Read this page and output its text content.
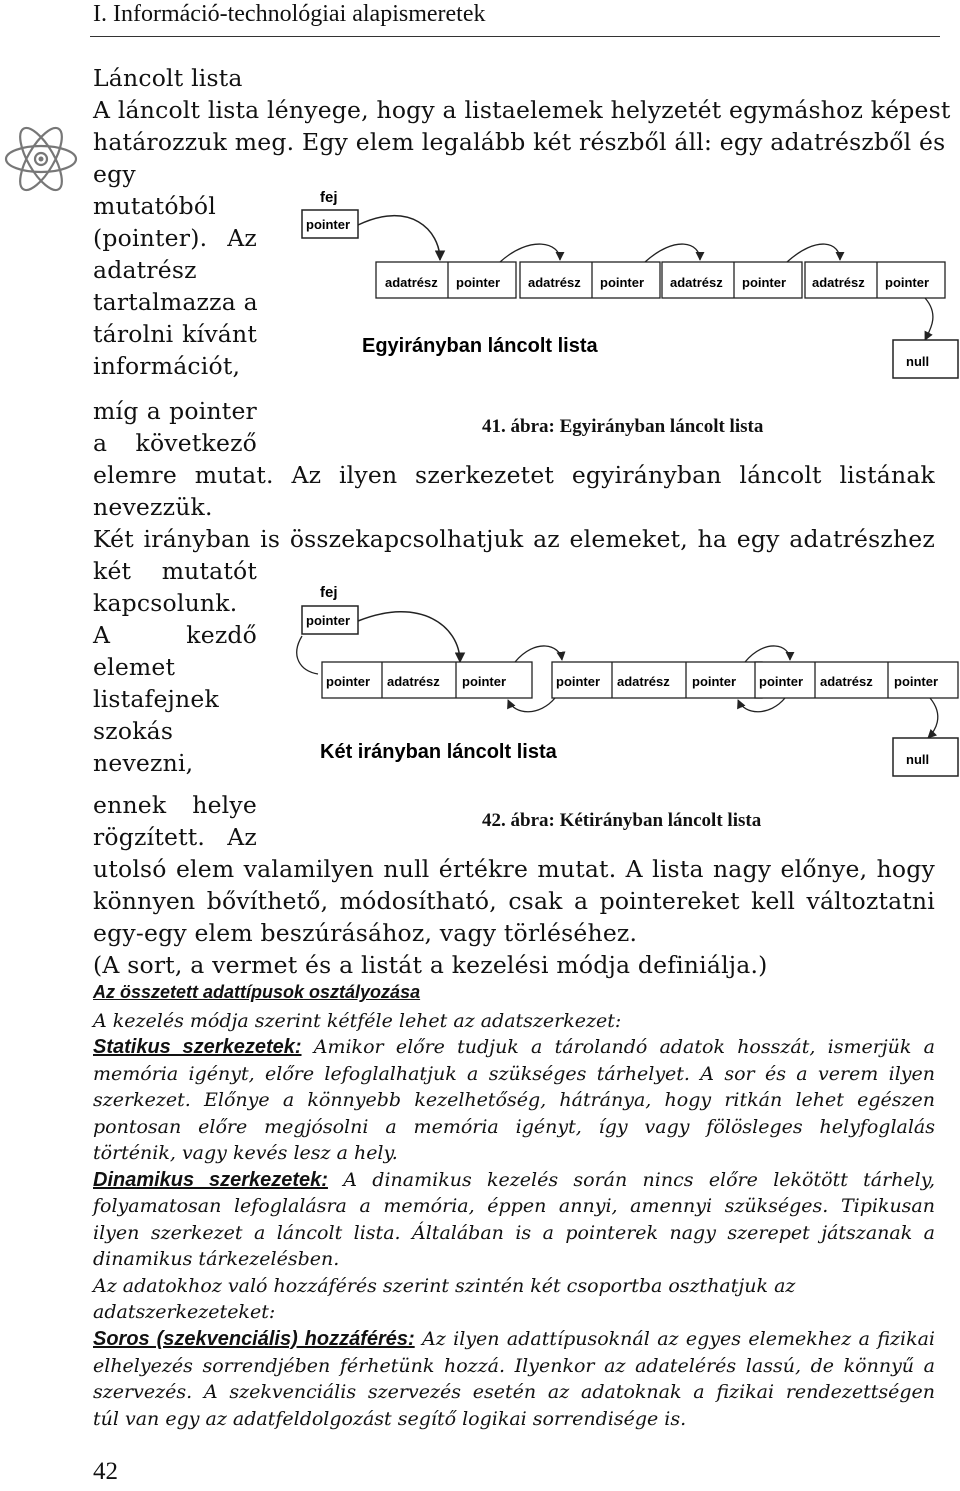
I. Információ-technológiai alapismeretek
Láncolt lista
A láncolt lista lényege, hogy a listaelemek helyzetét egymáshoz képest
határozzuk meg. Egy elem legalább két részből áll: egy adatrészből és
egy
mutatóból
(pointer). Az
adatrész
tartalmazza a
tárolni kívánt
információt,
míg a pointer
a következő
elemre mutat. Az ilyen szerkezetet egyirányban láncolt listának
nevezzük.
fej
pointer
adatrész pointer adatrész pointer adatrész pointer adatrész pointer
null
Egyirányban láncolt lista
41. ábra: Egyirányban láncolt lista
Két irányban is összekapcsolhatjuk az elemeket, ha egy adatrészhez
két mutatót
kapcsolunk.
A kezdő
elemet
listafejnek
szokás
nevezni,
ennek helye
rögzített. Az
utolsó elem valamilyen null értékre mutat. A lista nagy előnye, hogy
könnyen bővíthető, módosítható, csak a pointereket kell változtatni
egy-egy elem beszúrásához, vagy törléséhez.
(A sort, a vermet és a listát a kezelési módja definiálja.)
fej
pointer
pointer adatrész pointer	pointer adatrész pointer pointer adatrész pointer
null
Két irányban láncolt lista
42. ábra: Kétirányban láncolt lista
Az összetett adattípusok osztályozása
A kezelés módja szerint kétféle lehet az adatszerkezet:
Statikus szerkezetek: Amikor előre tudjuk a tárolandó adatok hosszát, ismerjük a
memória igényt, előre lefoglalhatjuk a szükséges tárhelyet. A sor és a verem ilyen
szerkezet. Előnye a könnyebb kezelhetőség, hátránya, hogy ritkán lehet egészen
pontosan előre megjósolni a memória igényt, így vagy fölösleges helyfoglalás
történik, vagy kevés lesz a hely.
Dinamikus szerkezetek: A dinamikus kezelés során nincs előre lekötött tárhely,
folyamatosan lefoglalásra a memória, éppen annyi, amennyi szükséges. Tipikusan
ilyen szerkezet a láncolt lista. Általában is a pointerek nagy szerepet játszanak a
dinamikus tárkezelésben.
Az adatokhoz való hozzáférés szerint szintén két csoportba oszthatjuk az
adatszerkezeteket:
Soros (szekvenciális) hozzáférés: Az ilyen adattípusoknál az egyes elemekhez a fizikai
elhelyezés sorrendjében férhetünk hozzá. Ilyenkor az adatelérés lassú, de könnyű a
szervezés. A szekvenciális szervezés esetén az adatoknak a fizikai rendezettségen
túl van egy az adatfeldolgozást segítő logikai sorrendisége is.
42
